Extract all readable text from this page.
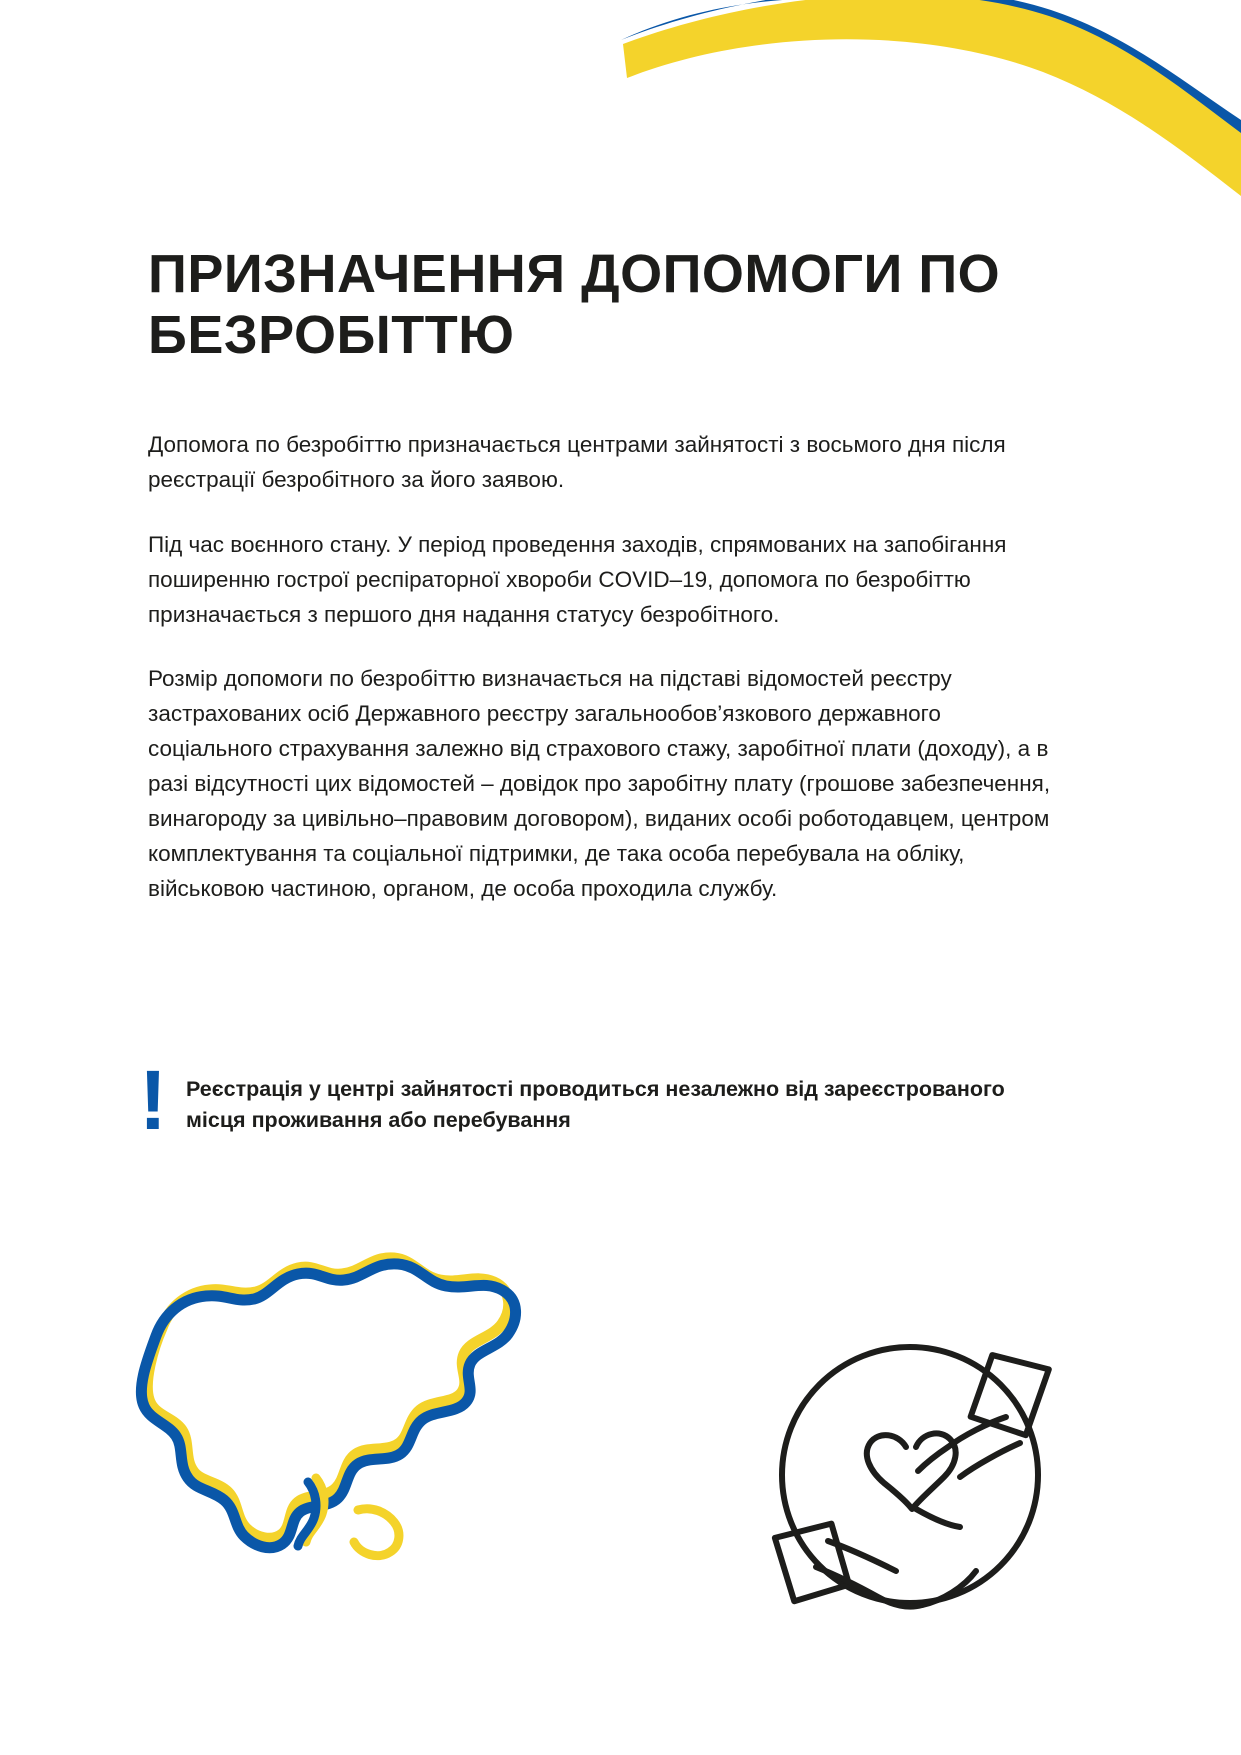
ПРИЗНАЧЕННЯ ДОПОМОГИ ПО БЕЗРОБІТТЮ

Допомога по безробіттю призначається центрами зайнятості з восьмого дня після реєстрації безробітного за його заявою.

Під час воєнного стану. У період проведення заходів, спрямованих на запобігання поширенню гострої респіраторної хвороби COVID–19, допомога по безробіттю призначається з першого дня надання статусу безробітного.

Розмір допомоги по безробіттю визначається на підставі відомостей реєстру застрахованих осіб Державного реєстру загальнообов’язкового державного соціального страхування залежно від страхового стажу, заробітної плати (доходу), а в разі відсутності цих відомостей – довідок про заробітну плату (грошове забезпечення, винагороду за цивільно–правовим договором), виданих особі роботодавцем, центром комплектування та соціальної підтримки, де така особа перебувала на обліку, військовою частиною, органом, де особа проходила службу.

! Реєстрація у центрі зайнятості проводиться незалежно від зареєстрованого місця проживання або перебування
